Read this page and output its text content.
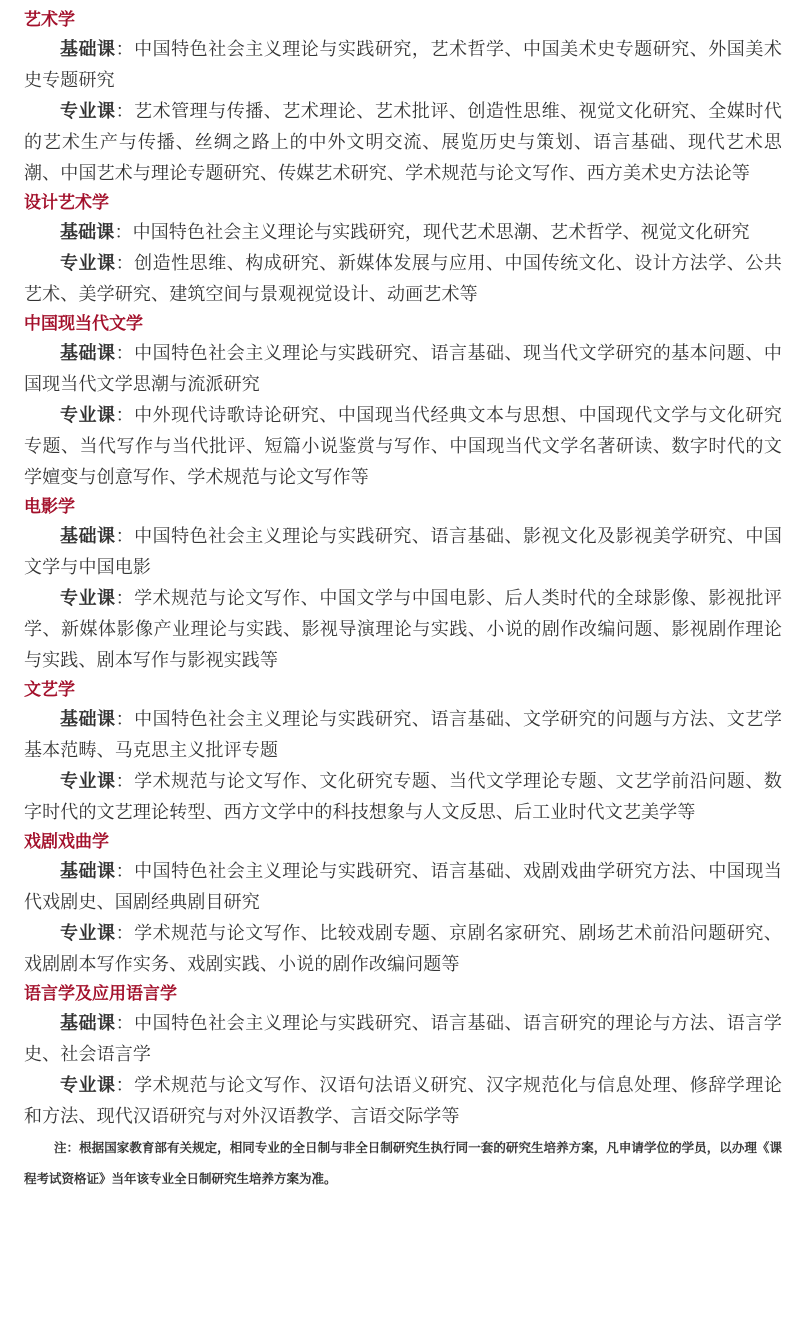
艺术学

基础课：中国特色社会主义理论与实践研究，艺术哲学、中国美术史专题研究、外国美术史专题研究

专业课：艺术管理与传播、艺术理论、艺术批评、创造性思维、视觉文化研究、全媒时代的艺术生产与传播、丝绸之路上的中外文明交流、展览历史与策划、语言基础、现代艺术思潮、中国艺术与理论专题研究、传媒艺术研究、学术规范与论文写作、西方美术史方法论等

设计艺术学

基础课：中国特色社会主义理论与实践研究，现代艺术思潮、艺术哲学、视觉文化研究

专业课：创造性思维、构成研究、新媒体发展与应用、中国传统文化、设计方法学、公共艺术、美学研究、建筑空间与景观视觉设计、动画艺术等

中国现当代文学

基础课：中国特色社会主义理论与实践研究、语言基础、现当代文学研究的基本问题、中国现当代文学思潮与流派研究

专业课：中外现代诗歌诗论研究、中国现当代经典文本与思想、中国现代文学与文化研究专题、当代写作与当代批评、短篇小说鉴赏与写作、中国现当代文学名著研读、数字时代的文学嬗变与创意写作、学术规范与论文写作等

电影学

基础课：中国特色社会主义理论与实践研究、语言基础、影视文化及影视美学研究、中国文学与中国电影

专业课：学术规范与论文写作、中国文学与中国电影、后人类时代的全球影像、影视批评学、新媒体影像产业理论与实践、影视导演理论与实践、小说的剧作改编问题、影视剧作理论与实践、剧本写作与影视实践等

文艺学

基础课：中国特色社会主义理论与实践研究、语言基础、文学研究的问题与方法、文艺学基本范畴、马克思主义批评专题

专业课：学术规范与论文写作、文化研究专题、当代文学理论专题、文艺学前沿问题、数字时代的文艺理论转型、西方文学中的科技想象与人文反思、后工业时代文艺美学等

戏剧戏曲学

基础课：中国特色社会主义理论与实践研究、语言基础、戏剧戏曲学研究方法、中国现当代戏剧史、国剧经典剧目研究

专业课：学术规范与论文写作、比较戏剧专题、京剧名家研究、剧场艺术前沿问题研究、戏剧剧本写作实务、戏剧实践、小说的剧作改编问题等

语言学及应用语言学

基础课：中国特色社会主义理论与实践研究、语言基础、语言研究的理论与方法、语言学史、社会语言学

专业课：学术规范与论文写作、汉语句法语义研究、汉字规范化与信息处理、修辞学理论和方法、现代汉语研究与对外汉语教学、言语交际学等

注：根据国家教育部有关规定，相同专业的全日制与非全日制研究生执行同一套的研究生培养方案，凡申请学位的学员，以办理《课程考试资格证》当年该专业全日制研究生培养方案为准。
